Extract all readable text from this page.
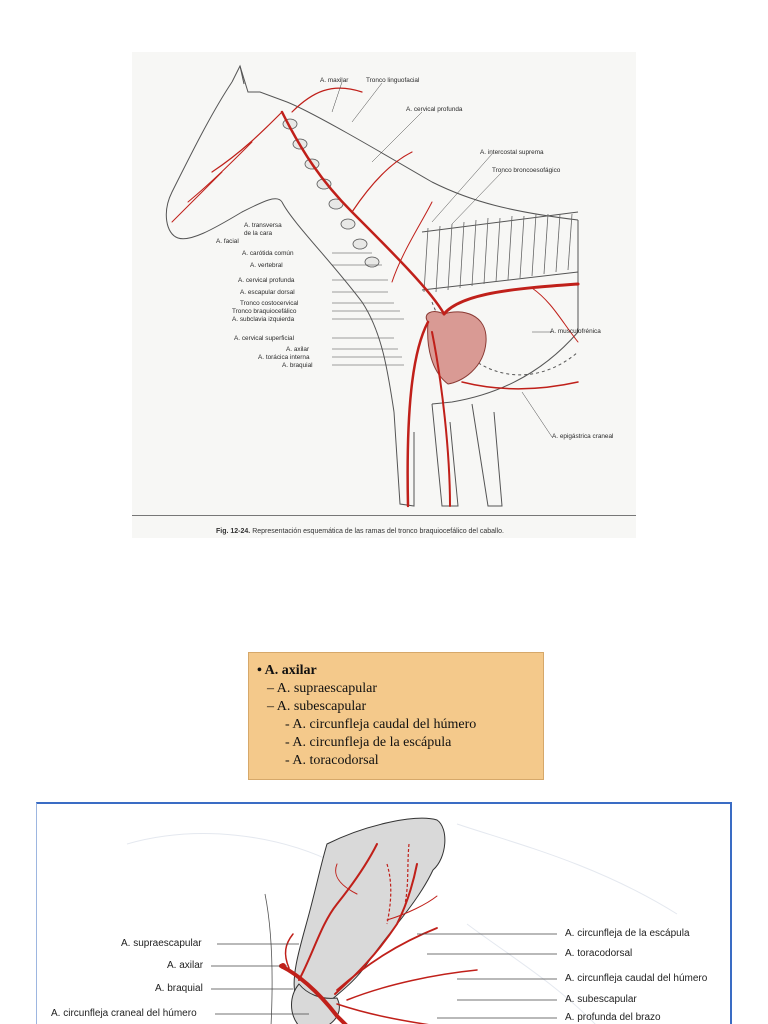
A. maxilar	Tronco linguofacial
A. cervical profunda
A. intercostal suprema
Tronco broncoesofágico
A. transversa
de la cara
A. facial
A. carótida común
A. vertebral
A. cervical profunda
A. escapular dorsal
Tronco costocervical
Tronco braquiocefálico
A. subclavia izquierda
A. cervical superficial
A. axilar
A. torácica interna
A. braquial
A. musculofrénica
A. epigástrica craneal
Fig. 12-24. Representación esquemática de las ramas del tronco braquiocefálico del caballo.
• A. axilar
– A. supraescapular
– A. subescapular
- A. circunfleja caudal del húmero
- A. circunfleja de la escápula
- A. toracodorsal
A. supraescapular
A. axilar
A. braquial
A. circunfleja craneal del húmero
A. circunfleja de la escápula
A. toracodorsal
A. circunfleja caudal del húmero
A. subescapular
A. profunda del brazo
